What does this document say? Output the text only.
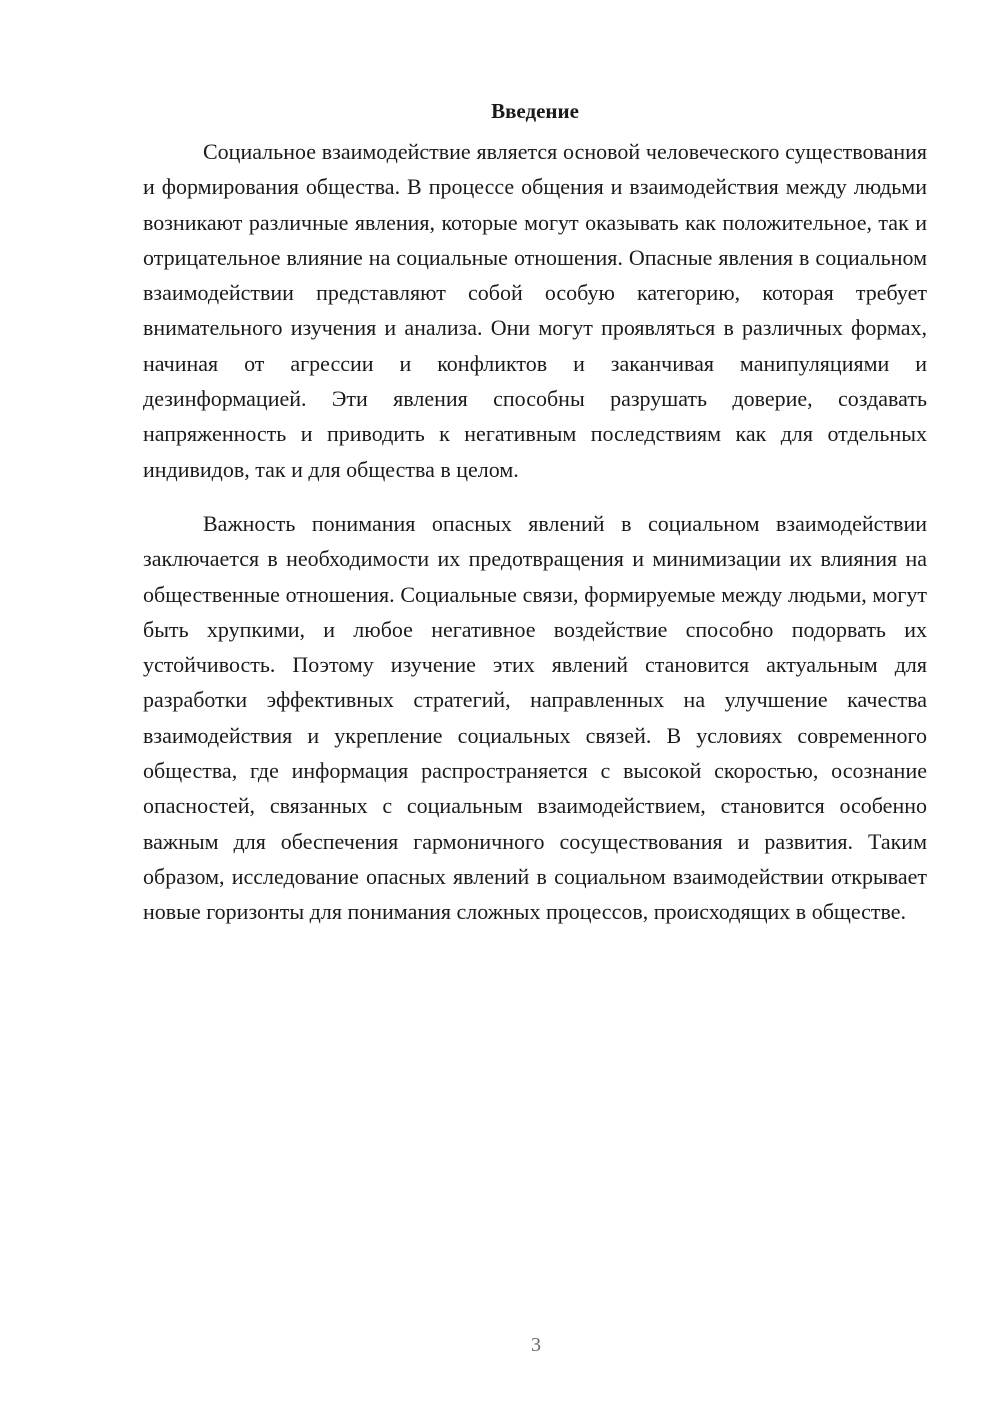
Введение

Социальное взаимодействие является основой человеческого существования и формирования общества. В процессе общения и взаимодействия между людьми возникают различные явления, которые могут оказывать как положительное, так и отрицательное влияние на социальные отношения. Опасные явления в социальном взаимодействии представляют собой особую категорию, которая требует внимательного изучения и анализа. Они могут проявляться в различных формах, начиная от агрессии и конфликтов и заканчивая манипуляциями и дезинформацией. Эти явления способны разрушать доверие, создавать напряженность и приводить к негативным последствиям как для отдельных индивидов, так и для общества в целом.

Важность понимания опасных явлений в социальном взаимодействии заключается в необходимости их предотвращения и минимизации их влияния на общественные отношения. Социальные связи, формируемые между людьми, могут быть хрупкими, и любое негативное воздействие способно подорвать их устойчивость. Поэтому изучение этих явлений становится актуальным для разработки эффективных стратегий, направленных на улучшение качества взаимодействия и укрепление социальных связей. В условиях современного общества, где информация распространяется с высокой скоростью, осознание опасностей, связанных с социальным взаимодействием, становится особенно важным для обеспечения гармоничного сосуществования и развития. Таким образом, исследование опасных явлений в социальном взаимодействии открывает новые горизонты для понимания сложных процессов, происходящих в обществе.

3
